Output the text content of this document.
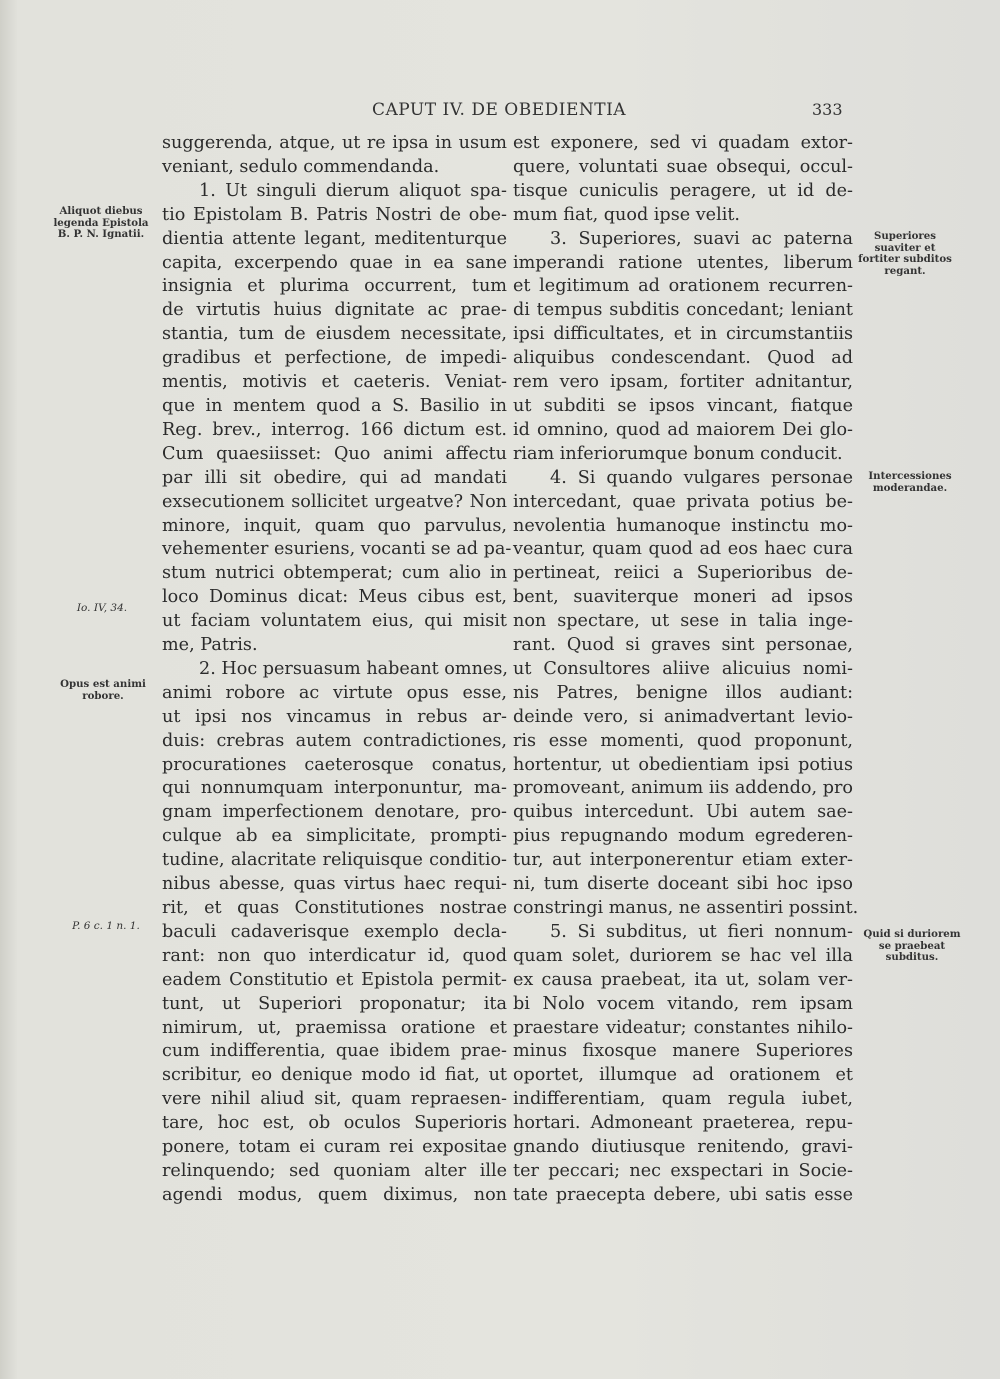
CAPUT IV. DE OBEDIENTIA	333
suggerenda, atque, ut re ipsa in usum
veniant, sedulo commendanda.
1. Ut singuli dierum aliquot spa-
tio Epistolam B. Patris Nostri de obe-
dientia attente legant, meditenturque
capita, excerpendo quae in ea sane
insignia et plurima occurrent, tum
de virtutis huius dignitate ac prae-
stantia, tum de eiusdem necessitate,
gradibus et perfectione, de impedi-
mentis, motivis et caeteris. Veniat-
que in mentem quod a S. Basilio in
Reg. brev., interrog. 166 dictum est.
Cum quaesiisset: Quo animi affectu
par illi sit obedire, qui ad mandati
exsecutionem sollicitet urgeatve? Non
minore, inquit, quam quo parvulus,
vehementer esuriens, vocanti se ad pa-
stum nutrici obtemperat; cum alio in
loco Dominus dicat: Meus cibus est,
ut faciam voluntatem eius, qui misit
me, Patris.
2. Hoc persuasum habeant omnes,
animi robore ac virtute opus esse,
ut ipsi nos vincamus in rebus ar-
duis: crebras autem contradictiones,
procurationes caeterosque conatus,
qui nonnumquam interponuntur, ma-
gnam imperfectionem denotare, pro-
culque ab ea simplicitate, prompti-
tudine, alacritate reliquisque conditio-
nibus abesse, quas virtus haec requi-
rit, et quas Constitutiones nostrae
baculi cadaverisque exemplo decla-
rant: non quo interdicatur id, quod
eadem Constitutio et Epistola permit-
tunt, ut Superiori proponatur; ita
nimirum, ut, praemissa oratione et
cum indifferentia, quae ibidem prae-
scribitur, eo denique modo id fiat, ut
vere nihil aliud sit, quam repraesen-
tare, hoc est, ob oculos Superioris
ponere, totam ei curam rei expositae
relinquendo; sed quoniam alter ille
agendi modus, quem diximus, non
est exponere, sed vi quadam extor-
quere, voluntati suae obsequi, occul-
tisque cuniculis peragere, ut id de-
mum fiat, quod ipse velit.
3. Superiores, suavi ac paterna
imperandi ratione utentes, liberum
et legitimum ad orationem recurren-
di tempus subditis concedant; leniant
ipsi difficultates, et in circumstantiis
aliquibus condescendant. Quod ad
rem vero ipsam, fortiter adnitantur,
ut subditi se ipsos vincant, fiatque
id omnino, quod ad maiorem Dei glo-
riam inferiorumque bonum conducit.
4. Si quando vulgares personae
intercedant, quae privata potius be-
nevolentia humanoque instinctu mo-
veantur, quam quod ad eos haec cura
pertineat, reiici a Superioribus de-
bent, suaviterque moneri ad ipsos
non spectare, ut sese in talia inge-
rant. Quod si graves sint personae,
ut Consultores aliive alicuius nomi-
nis Patres, benigne illos audiant:
deinde vero, si animadvertant levio-
ris esse momenti, quod proponunt,
hortentur, ut obedientiam ipsi potius
promoveant, animum iis addendo, pro
quibus intercedunt. Ubi autem sae-
pius repugnando modum egrederen-
tur, aut interponerentur etiam exter-
ni, tum diserte doceant sibi hoc ipso
constringi manus, ne assentiri possint.
5. Si subditus, ut fieri nonnum-
quam solet, duriorem se hac vel illa
ex causa praebeat, ita ut, solam ver-
bi Nolo vocem vitando, rem ipsam
praestare videatur; constantes nihilo-
minus fixosque manere Superiores
oportet, illumque ad orationem et
indifferentiam, quam regula iubet,
hortari. Admoneant praeterea, repu-
gnando diutiusque renitendo, gravi-
ter peccari; nec exspectari in Socie-
tate praecepta debere, ubi satis esse
Aliquot diebus legenda Epistola B. P. N. Ignatii.
Io. IV, 34.
Opus est animi robore.
P. 6 c. 1 n. 1.
Superiores suaviter et fortiter subditos regant.
Intercessiones moderandae.
Quid si duriorem se praebeat subditus.
